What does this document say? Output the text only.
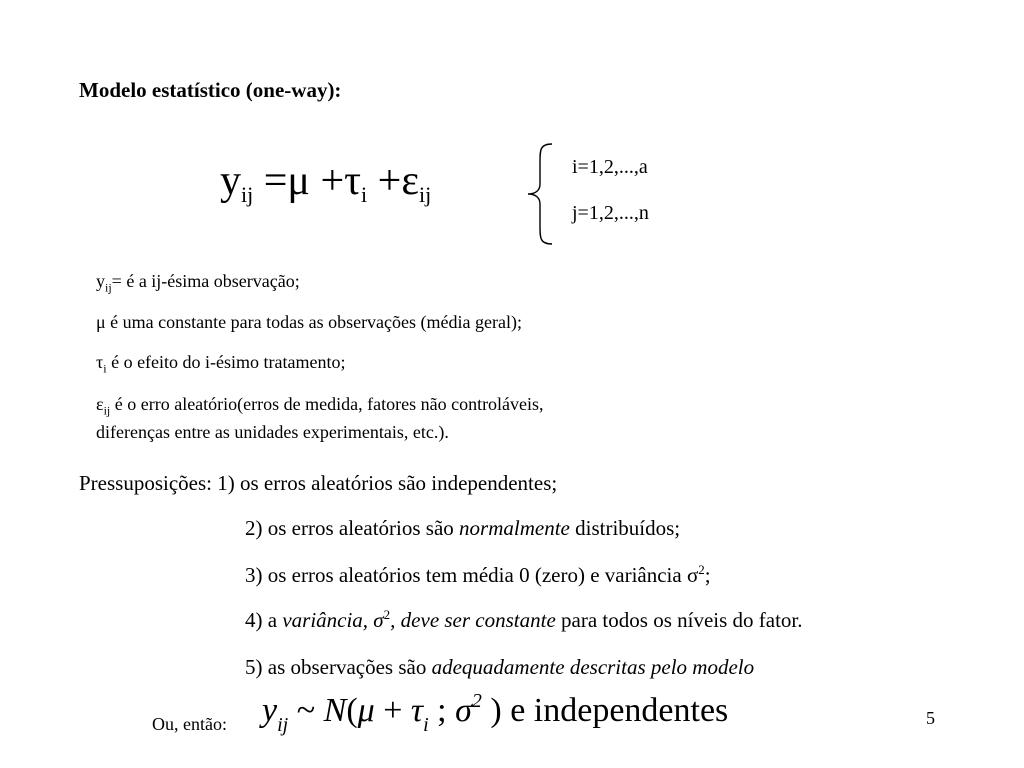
Modelo estatístico (one-way):
yij =μ +τi +εij
i=1,2,...,a
j=1,2,...,n
$y_{ij}=$ é a ij-ésima observação;
μ é uma constante para todas as observações (média geral);
$\tau_i$ é o efeito do i-ésimo tratamento;
$\varepsilon_{ij}$ é o erro aleatório(erros de medida, fatores não controláveis,
diferenças entre as unidades experimentais, etc.).
Pressuposições: 1) os erros aleatórios são independentes;
2) os erros aleatórios são normalmente distribuídos;
3) os erros aleatórios tem média 0 (zero) e variância $\sigma^2$;
4) a variância, $\sigma^2$, deve ser constante para todos os níveis do fator.
5) as observações são adequadamente descritas pelo modelo
Ou, então: $y_{ij}$ ~ $N(\mu + \tau_i$ ; $\sigma^2$ ) e independentes	5
